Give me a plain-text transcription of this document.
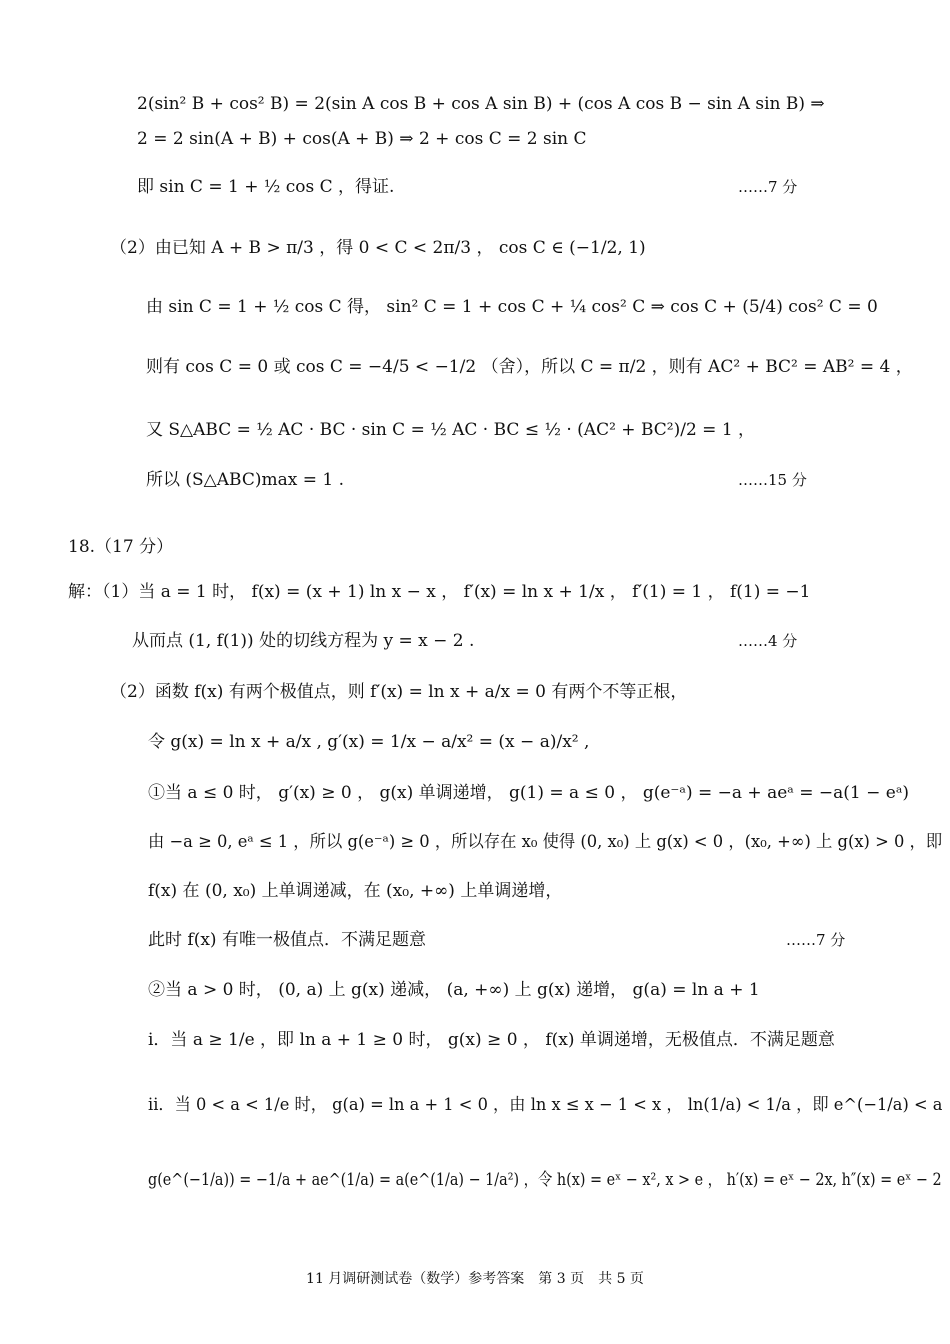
2(sin² B + cos² B) = 2(sin A cos B + cos A sin B) + (cos A cos B − sin A sin B) ⇒
2 = 2 sin(A + B) + cos(A + B) ⇒ 2 + cos C = 2 sin C
即 sin C = 1 + ½ cos C ，得证.	……7 分
（2）由已知 A + B > π/3 ，得 0 < C < 2π/3 ， cos C ∈ (−1/2, 1)
由 sin C = 1 + ½ cos C 得， sin² C = 1 + cos C + ¼ cos² C ⇒ cos C + (5/4) cos² C = 0
则有 cos C = 0 或 cos C = −4/5 < −1/2 （舍），所以 C = π/2 ，则有 AC² + BC² = AB² = 4 ，
又 S△ABC = ½ AC · BC · sin C = ½ AC · BC ≤ ½ · (AC² + BC²)/2 = 1 ，
所以 (S△ABC)max = 1 .	……15 分
18.（17 分）
解：（1）当 a = 1 时， f(x) = (x + 1) ln x − x ， f′(x) = ln x + 1/x ， f′(1) = 1 ， f(1) = −1
从而点 (1, f(1)) 处的切线方程为 y = x − 2 .	……4 分
（2）函数 f(x) 有两个极值点，则 f′(x) = ln x + a/x = 0 有两个不等正根，
令 g(x) = ln x + a/x , g′(x) = 1/x − a/x² = (x − a)/x² ,
①当 a ≤ 0 时， g′(x) ≥ 0 ， g(x) 单调递增， g(1) = a ≤ 0 ， g(e⁻ᵃ) = −a + aeᵃ = −a(1 − eᵃ)
由 −a ≥ 0, eᵃ ≤ 1 ，所以 g(e⁻ᵃ) ≥ 0 ，所以存在 x₀ 使得 (0, x₀) 上 g(x) < 0 ，(x₀, +∞) 上 g(x) > 0 ，即
f(x) 在 (0, x₀) 上单调递减，在 (x₀, +∞) 上单调递增，
此时 f(x) 有唯一极值点．不满足题意	……7 分
②当 a > 0 时， (0, a) 上 g(x) 递减， (a, +∞) 上 g(x) 递增， g(a) = ln a + 1
i．当 a ≥ 1/e ，即 ln a + 1 ≥ 0 时， g(x) ≥ 0 ， f(x) 单调递增，无极值点．不满足题意
ii．当 0 < a < 1/e 时， g(a) = ln a + 1 < 0 ，由 ln x ≤ x − 1 < x ， ln(1/a) < 1/a ，即 e^(−1/a) < a
g(e^(−1/a)) = −1/a + ae^(1/a) = a(e^(1/a) − 1/a²) ，令 h(x) = eˣ − x², x > e ， h′(x) = eˣ − 2x, h″(x) = eˣ − 2
11 月调研测试卷（数学）参考答案　第 3 页　共 5 页
